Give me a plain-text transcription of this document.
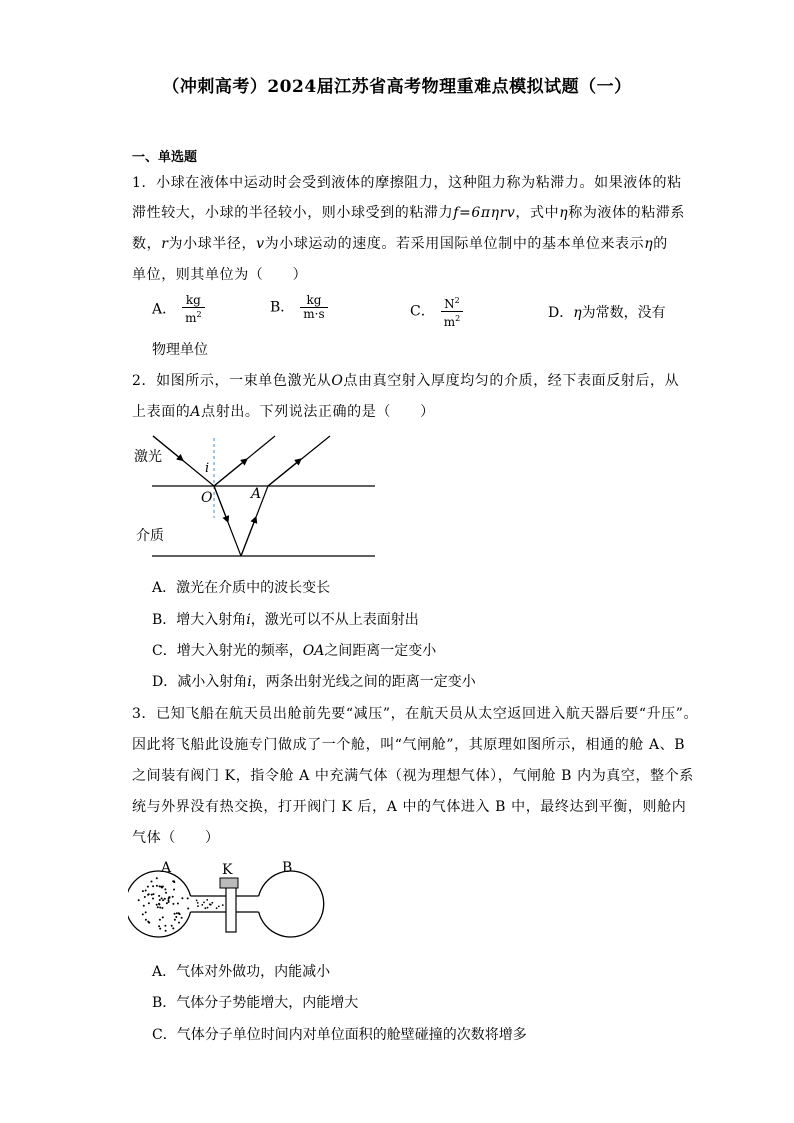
（冲刺高考）2024届江苏省高考物理重难点模拟试题（一）
一、单选题
1．小球在液体中运动时会受到液体的摩擦阻力，这种阻力称为粘滞力。如果液体的粘
滞性较大，小球的半径较小，则小球受到的粘滞力f=6πηrv，式中η称为液体的粘滞系
数，r为小球半径，v为小球运动的速度。若采用国际单位制中的基本单位来表示η的
单位，则其单位为（　　）
A． $\frac{kg}{m^2}$	B． $\frac{kg}{m\cdot s}$	C． $\frac{N^2}{m^2}$	D．η为常数，没有
物理单位
2．如图所示，一束单色激光从O点由真空射入厚度均匀的介质，经下表面反射后，从
上表面的A点射出。下列说法正确的是（　　）
激光
介质
i
O	A
A．激光在介质中的波长变长
B．增大入射角i，激光可以不从上表面射出
C．增大入射光的频率，OA之间距离一定变小
D．减小入射角i，两条出射光线之间的距离一定变小
3．已知飞船在航天员出舱前先要“减压”，在航天员从太空返回进入航天器后要“升压”。
因此将飞船此设施专门做成了一个舱，叫“气闸舱”，其原理如图所示，相通的舱 A、B
之间装有阀门 K，指令舱 A 中充满气体（视为理想气体），气闸舱 B 内为真空，整个系
统与外界没有热交换，打开阀门 K 后，A 中的气体进入 B 中，最终达到平衡，则舱内
气体（　　）
A	K	B
A．气体对外做功，内能减小
B．气体分子势能增大，内能增大
C．气体分子单位时间内对单位面积的舱壁碰撞的次数将增多
